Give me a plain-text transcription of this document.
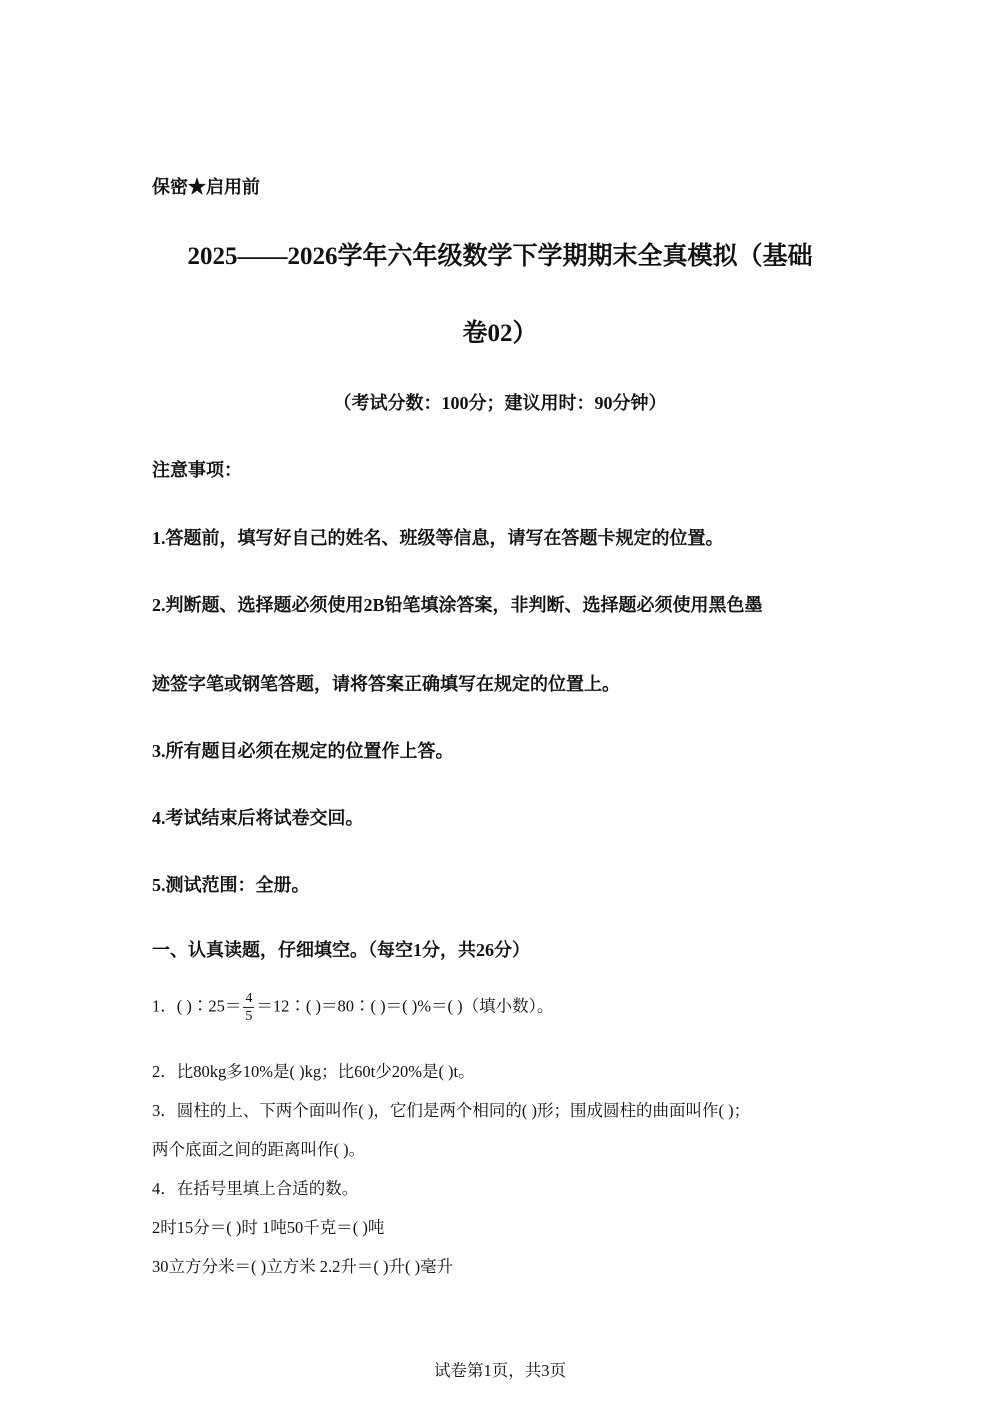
保密★启用前
2025——2026学年六年级数学下学期期末全真模拟（基础
卷02）
（考试分数：100分；建议用时：90分钟）
注意事项：
1.答题前，填写好自己的姓名、班级等信息，请写在答题卡规定的位置。
2.判断题、选择题必须使用2B铅笔填涂答案，非判断、选择题必须使用黑色墨
迹签字笔或钢笔答题，请将答案正确填写在规定的位置上。
3.所有题目必须在规定的位置作上答。
4.考试结束后将试卷交回。
5.测试范围：全册。
一、认真读题，仔细填空。（每空1分，共26分）
1．( )∶25＝ $\frac{4}{5}$ ＝12∶( )＝80∶( )＝( )%＝( )（填小数）。
2．比80kg多10%是( )kg；比60t少20%是( )t。
3．圆柱的上、下两个面叫作( )，它们是两个相同的( )形；围成圆柱的曲面叫作( )；
两个底面之间的距离叫作( )。
4．在括号里填上合适的数。
2时15分＝( )时 1吨50千克＝( )吨
30立方分米＝( )立方米 2.2升＝( )升( )毫升
试卷第1页，共3页
